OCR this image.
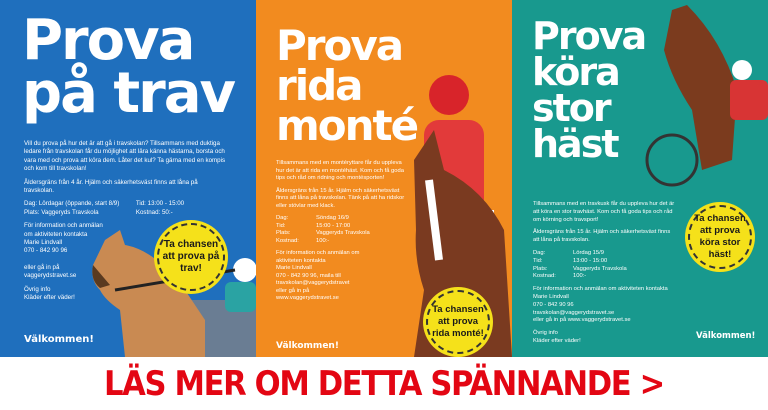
Prova
på trav

Vill du prova på hur det är att gå i travskolan? Tillsammans med duktiga ledare från travskolan får du möjlighet att lära känna hästarna, borsta och vara med och prova att köra dem. Låter det kul? Ta gärna med en kompis och kom till travskolan!

Åldersgräns från 4 år. Hjälm och säkerhetsväst finns att låna på travskolan.

Dag: Lördagar (öppande, start 8/9)	Tid: 13:00 - 15:00
Plats: Vaggeryds Travskola	Kostnad: 50:-

För information och anmälan
om aktiviteten kontakta
Marie Lindvall
070 - 842 90 96

eller gå in på
vaggerydstravet.se

Övrig info
Kläder efter väder!

Ta chansen att prova på trav!
Välkommen!
Prova
rida
monté

Tillsammans med en montéryttare får du uppleva hur det är att rida en montéhäst. Kom och få goda tips och råd om ridning och montésporten!

Åldersgräns från 15 år. Hjälm och säkerhetsväst finns att låna på travskolan. Tänk på att ha ridskor eller stövlar med klack.

Dag:	Söndag 16/9
Tid:	15:00 - 17:00
Plats:	Vaggeryds Travskola
Kostnad:	100:-

För information och anmälan om
aktiviteten kontakta
Marie Lindvall
070 - 842 90 96, maila till
travskolan@vaggerydstravet
eller gå in på
www.vaggerydstravet.se

Ta chansen att prova rida monté!
Välkommen!
Prova
köra
stor
häst

Tillsammans med en travkusk får du uppleva hur det är att köra en stor travhäst. Kom och få goda tips och råd om körning och travsport!

Åldersgräns från 15 år. Hjälm och säkerhetsväst finns att låna på travskolan.

Dag:	Lördag 15/9
Tid:	13:00 - 15:00
Plats:	Vaggeryds Travskola
Kostnad:	100:-

För information och anmälan om aktiviteten kontakta
Marie Lindvall
070 - 842 90 96
travskolan@vaggerydstravet.se
eller gå in på www.vaggerydstravet.se

Övrig info
Kläder efter väder!

Ta chansen att prova köra stor häst!
Välkommen!
LÄS MER OM DETTA SPÄNNANDE >
